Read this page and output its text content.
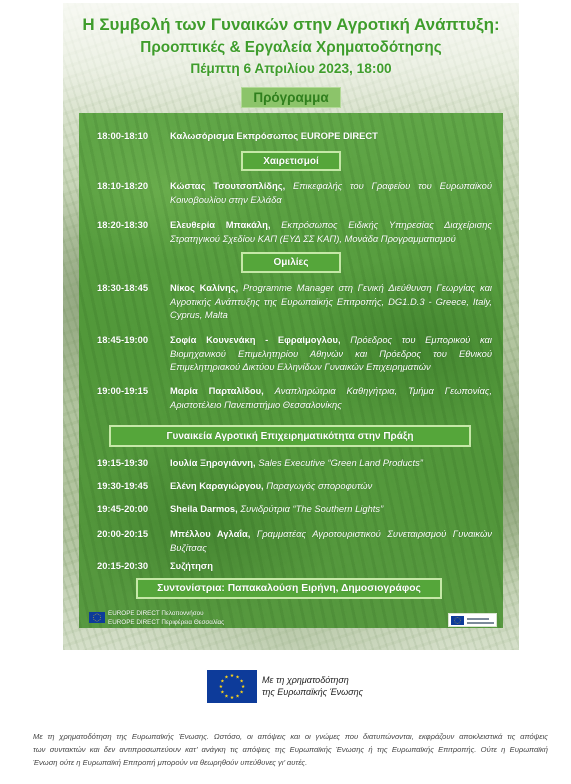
Η Συμβολή των Γυναικών στην Αγροτική Ανάπτυξη:
Προοπτικές & Εργαλεία Χρηματοδότησης
Πέμπτη 6 Απριλίου 2023, 18:00
Πρόγραμμα
18:00-18:10 Καλωσόρισμα Εκπρόσωπος EUROPE DIRECT
Χαιρετισμοί
18:10-18:20 Κώστας Τσουτσοπλίδης, Επικεφαλής του Γραφείου του Ευρωπαϊκού Κοινοβουλίου στην Ελλάδα
18:20-18:30 Ελευθερία Μπακάλη, Εκπρόσωπος Ειδικής Υπηρεσίας Διαχείρισης Στρατηγικού Σχεδίου ΚΑΠ (ΕΥΔ ΣΣ ΚΑΠ), Μονάδα Προγραμματισμού
Ομιλίες
18:30-18:45 Νίκος Καλίνης, Programme Manager στη Γενική Διεύθυνση Γεωργίας και Αγροτικής Ανάπτυξης της Ευρωπαϊκής Επιτροπής, DG1.D.3 - Greece, Italy, Cyprus, Malta
18:45-19:00 Σοφία Κουνενάκη - Εφραίμογλου, Πρόεδρος του Εμπορικού και Βιομηχανικού Επιμελητηρίου Αθηνών και Πρόεδρος του Εθνικού Επιμελητηριακού Δικτύου Ελληνίδων Γυναικών Επιχειρηματιών
19:00-19:15 Μαρία Παρταλίδου, Αναπληρώτρια Καθηγήτρια, Τμήμα Γεωπονίας, Αριστοτέλειο Πανεπιστήμιο Θεσσαλονίκης
Γυναικεία Αγροτική Επιχειρηματικότητα στην Πράξη
19:15-19:30 Ιουλία Ξηρογιάννη, Sales Executive “Green Land Products”
19:30-19:45 Ελένη Καραγιώργου, Παραγωγός σποροφυτών
19:45-20:00 Sheila Darmos, Συνιδρύτρια “The Southern Lights”
20:00-20:15 Μπέλλου Αγλαΐα, Γραμματέας Αγροτουριστικού Συνεταιρισμού Γυναικών Βυζίτσας
20:15-20:30 Συζήτηση
Συντονίστρια: Παπακαλούση Ειρήνη, Δημοσιογράφος
EUROPE DIRECT Πελοποννήσου
EUROPE DIRECT Περιφέρεια Θεσσαλίας
Με τη χρηματοδότηση
της Ευρωπαϊκής Ένωσης
Με τη χρηματοδότηση της Ευρωπαϊκής Ένωσης. Ωστόσο, οι απόψεις και οι γνώμες που διατυπώνονται, εκφράζουν αποκλειστικά τις απόψεις
των συντακτών και δεν αντιπροσωπεύουν κατ’ ανάγκη τις απόψεις της Ευρωπαϊκής Ένωσης ή της Ευρωπαϊκής Επιτροπής. Ούτε η Ευρωπαϊκή
Ένωση ούτε η Ευρωπαϊκή Επιτροπή μπορούν να θεωρηθούν υπεύθυνες γι’ αυτές.
